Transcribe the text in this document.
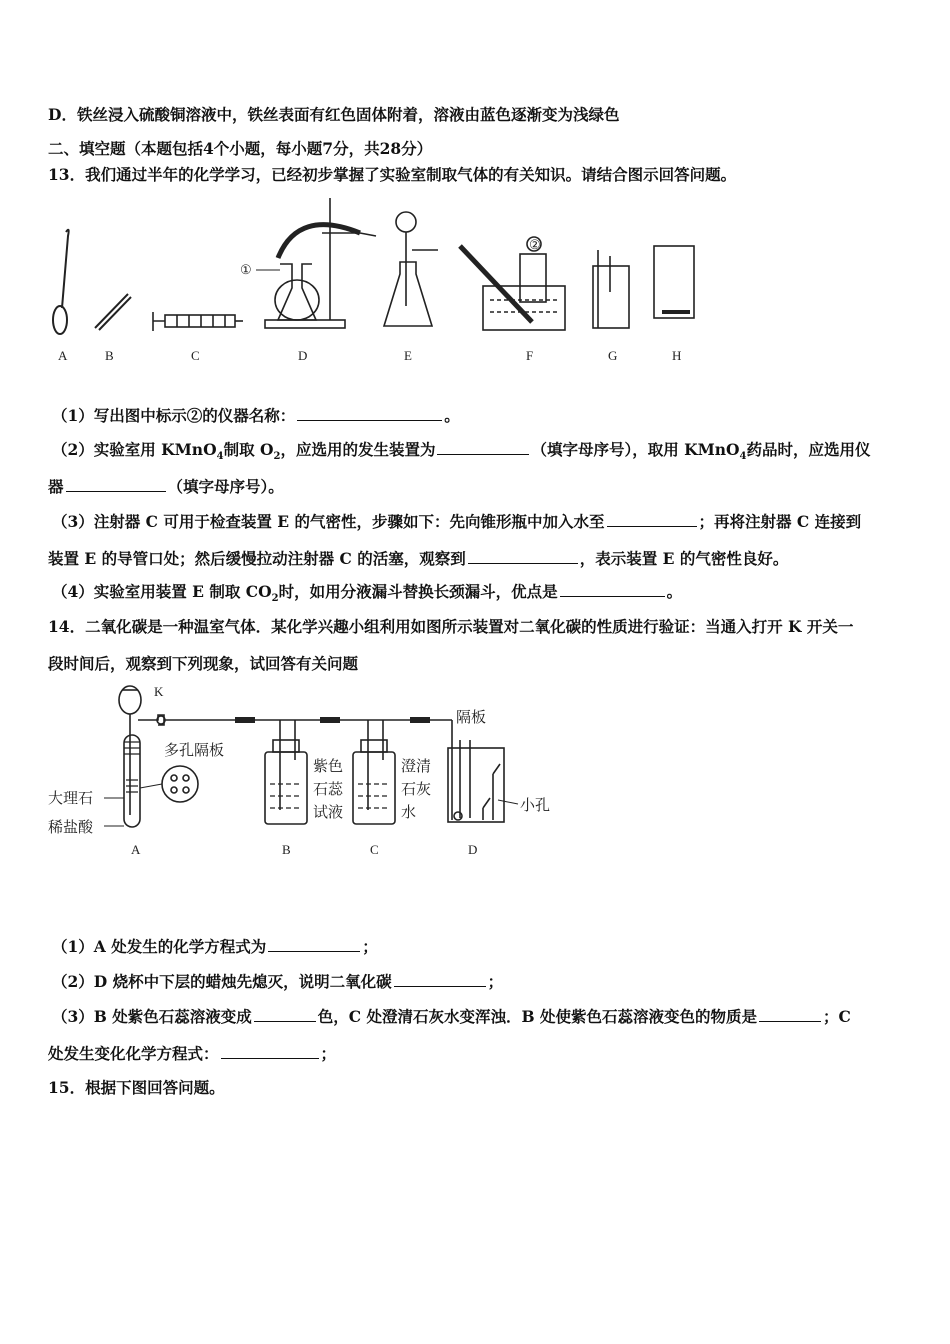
D．铁丝浸入硫酸铜溶液中，铁丝表面有红色固体附着，溶液由蓝色逐渐变为浅绿色
二、填空题（本题包括4个小题，每小题7分，共28分）
13．我们通过半年的化学学习，已经初步掌握了实验室制取气体的有关知识。请结合图示回答问题。
①
②
A	B	C	D	E	F	G	H
（1）写出图中标示②的仪器名称：	。
（2）实验室用 KMnO$_4$制取 $O_2$，应选用的发生装置为	（填字母序号），取用 KMnO$_4$药品时，应选用仪
器	（填字母序号）。
（3）注射器 C 可用于检查装置 E 的气密性，步骤如下：先向锥形瓶中加入水至	；再将注射器 C 连接到
装置 E 的导管口处；然后缓慢拉动注射器 C 的活塞，观察到	，表示装置 E 的气密性良好。
（4）实验室用装置 E 制取 $CO_2$时，如用分液漏斗替换长颈漏斗，优点是	。
14．二氧化碳是一种温室气体．某化学兴趣小组利用如图所示装置对二氧化碳的性质进行验证：当通入打开 K 开关一
段时间后，观察到下列现象，试回答有关问题
K
多孔隔板
大理石
稀盐酸
紫色
石蕊
试液
澄清
石灰
水
隔板
小孔
A	B	C	D
（1）A 处发生的化学方程式为	；
（2）D 烧杯中下层的蜡烛先熄灭，说明二氧化碳	；
（3）B 处紫色石蕊溶液变成	色，C 处澄清石灰水变浑浊．B 处使紫色石蕊溶液变色的物质是	；C
处发生变化化学方程式：	；
15．根据下图回答问题。
